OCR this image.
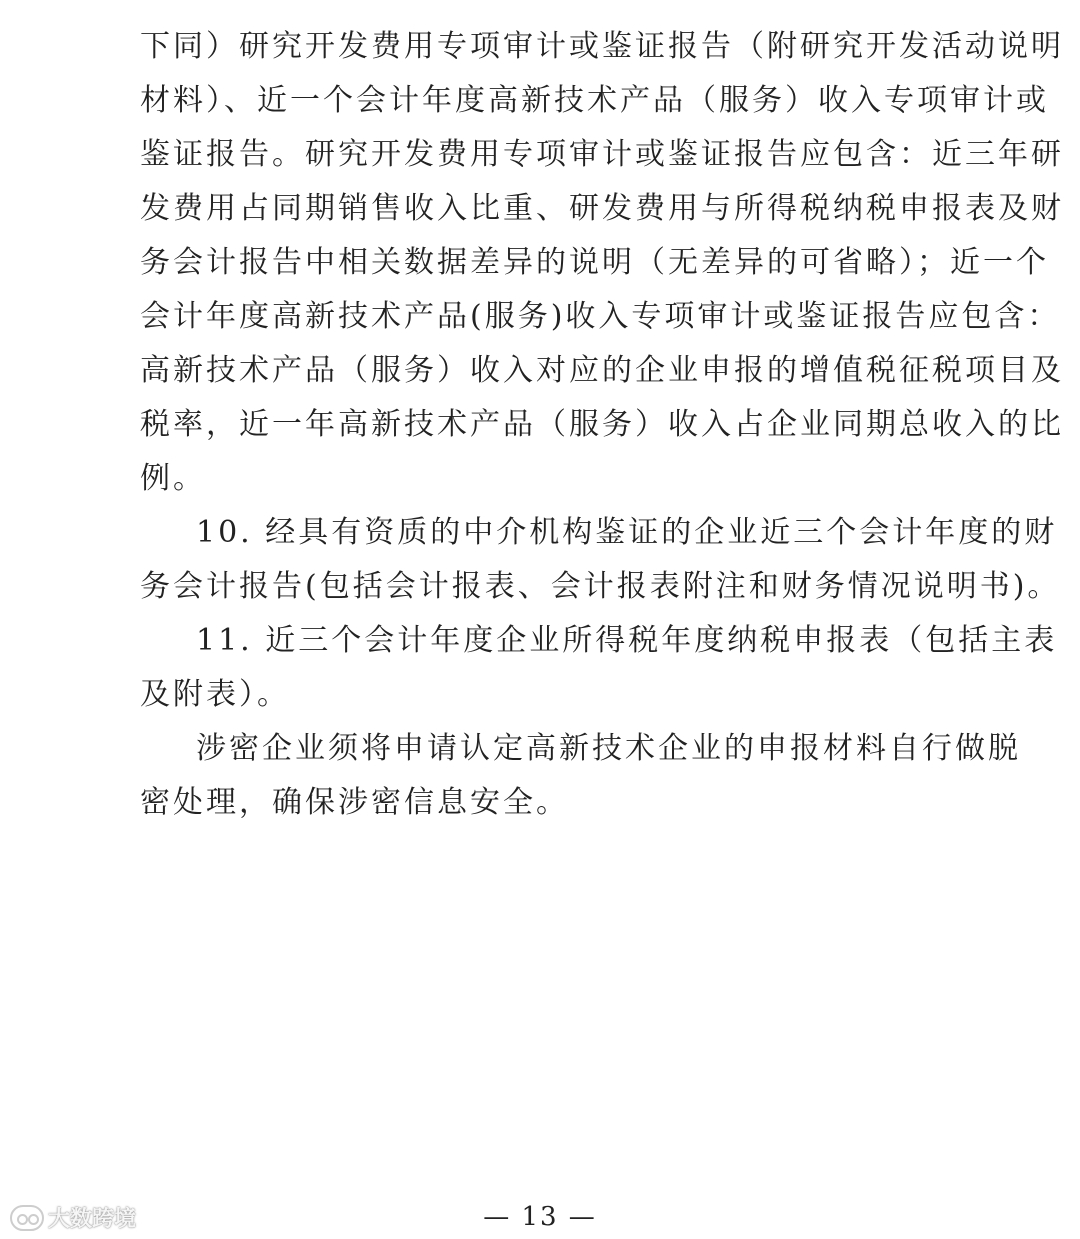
下同）研究开发费用专项审计或鉴证报告（附研究开发活动说明
材料）、近一个会计年度高新技术产品（服务）收入专项审计或
鉴证报告。研究开发费用专项审计或鉴证报告应包含：近三年研
发费用占同期销售收入比重、研发费用与所得税纳税申报表及财
务会计报告中相关数据差异的说明（无差异的可省略）；近一个
会计年度高新技术产品(服务)收入专项审计或鉴证报告应包含：
高新技术产品（服务）收入对应的企业申报的增值税征税项目及
税率，近一年高新技术产品（服务）收入占企业同期总收入的比
例。
10. 经具有资质的中介机构鉴证的企业近三个会计年度的财
务会计报告(包括会计报表、会计报表附注和财务情况说明书)。
11. 近三个会计年度企业所得税年度纳税申报表（包括主表
及附表）。
涉密企业须将申请认定高新技术企业的申报材料自行做脱
密处理，确保涉密信息安全。
— 13 —
大数跨境
